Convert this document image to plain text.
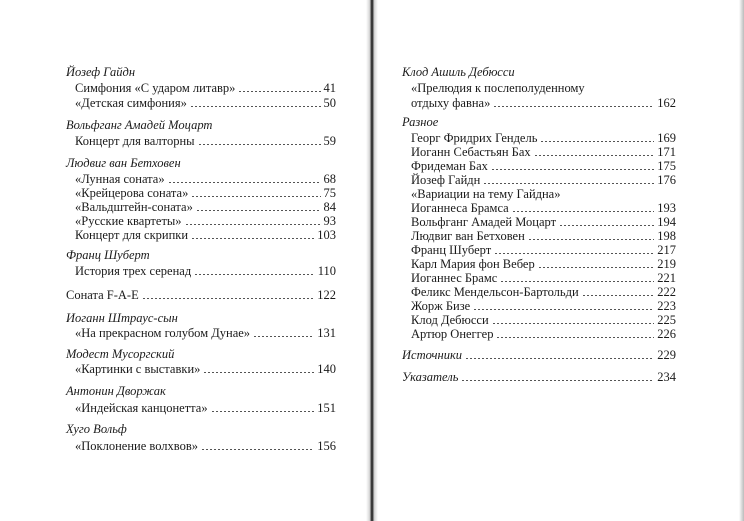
Йозеф Гайдн
Симфония «С ударом литавр»	41
«Детская симфония»	50
Вольфганг Амадей Моцарт
Концерт для валторны	59
Людвиг ван Бетховен
«Лунная соната»	68
«Крейцерова соната»	75
«Вальдштейн-соната»	84
«Русские квартеты»	93
Концерт для скрипки	103
Франц Шуберт
История трех серенад	110
Соната F-A-E	122
Иоганн Штраус-сын
«На прекрасном голубом Дунае»	131
Модест Мусоргский
«Картинки с выставки»	140
Антонин Дворжак
«Индейская канцонетта»	151
Хуго Вольф
«Поклонение волхвов»	156
Клод Ашиль Дебюсси
«Прелюдия к послеполуденному
отдыху фавна»	162
Разное
Георг Фридрих Гендель	169
Иоганн Себастьян Бах	171
Фридеман Бах	175
Йозеф Гайдн	176
«Вариации на тему Гайдна»
Иоганнеса Брамса	193
Вольфганг Амадей Моцарт	194
Людвиг ван Бетховен	198
Франц Шуберт	217
Карл Мария фон Вебер	219
Иоганнес Брамс	221
Феликс Мендельсон-Бартольди	222
Жорж Бизе	223
Клод Дебюсси	225
Артюр Онеггер	226
Источники	229
Указатель	234
